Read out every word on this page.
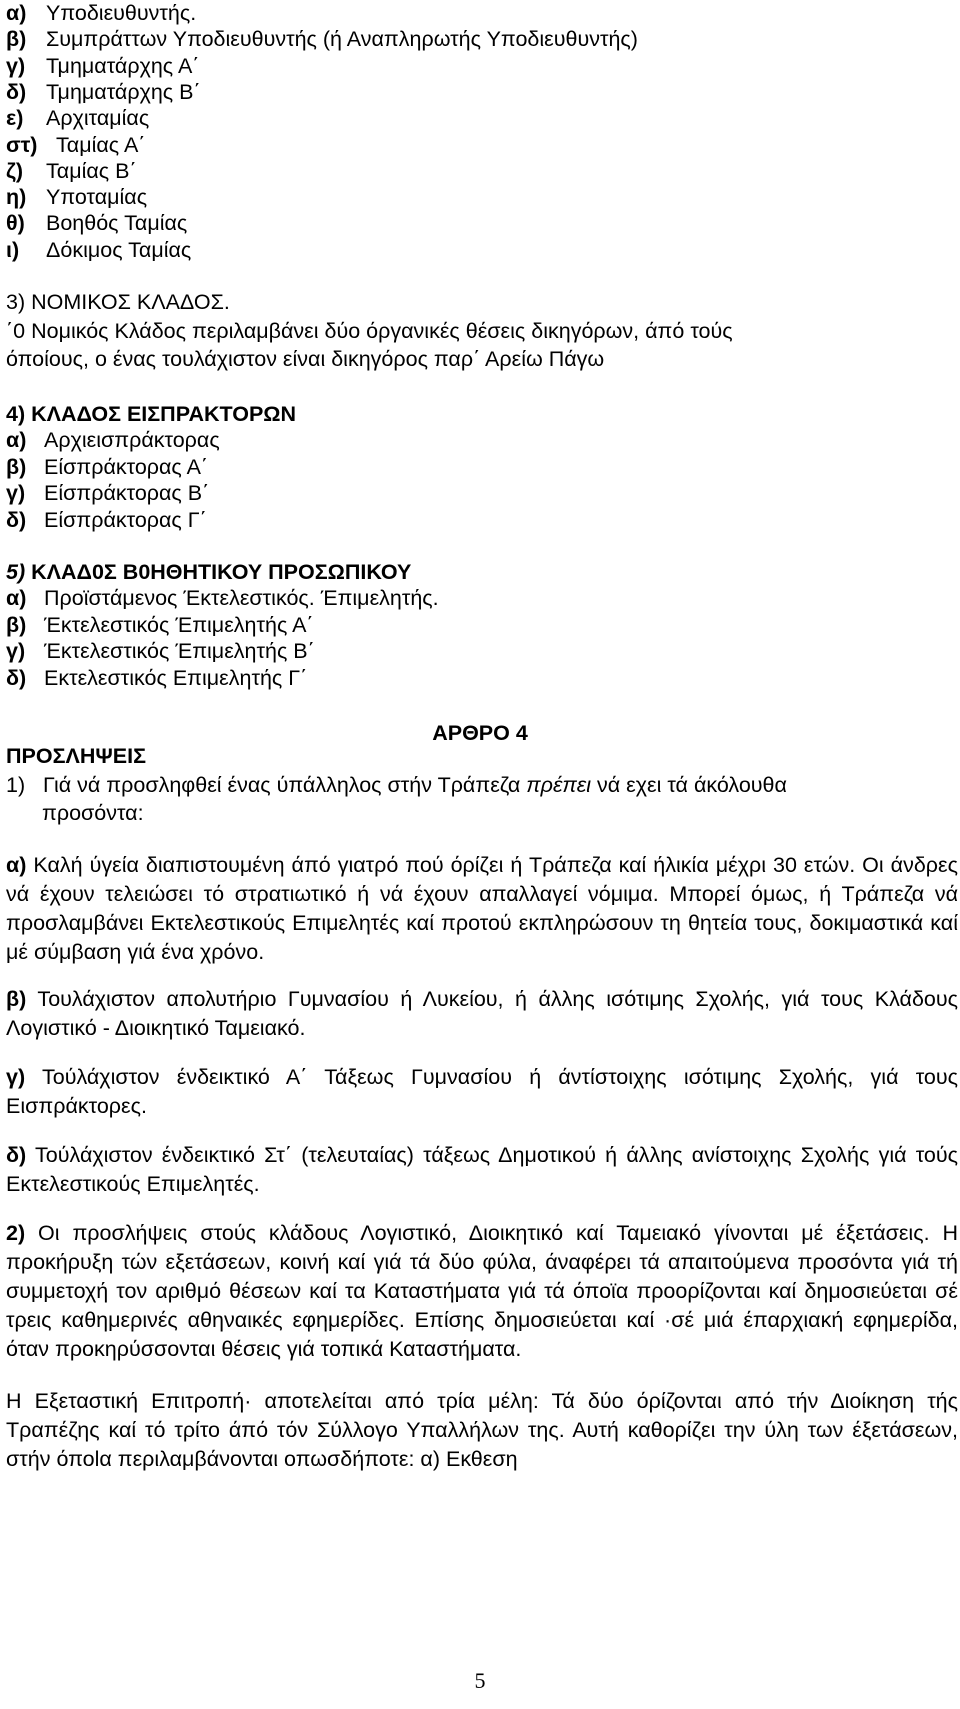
α) Υποδιευθυντής.
β) Συμπράττων Υποδιευθυντής (ή Αναπληρωτής Υποδιευθυντής)
γ) Τμηματάρχης Α΄
δ) Τμηματάρχης Β΄
ε) Αρχιταμίας
στ) Ταμίας Α΄
ζ) Ταμίας Β΄
η) Υποταμίας
θ) Βοηθός Ταμίας
ι) Δόκιμος Ταμίας
3) ΝΟΜΙΚΟΣ ΚΛΑΔΟΣ.
΄0 Νομικός Κλάδος περιλαμβάνει δύο όργανικές θέσεις δικηγόρων, άπό τούς
όποίους, ο ένας τουλάχιστον είναι δικηγόρος παρ΄ Αρείω Πάγω
4) ΚΛΑΔΟΣ ΕΙΣΠΡΑΚΤΟΡΩΝ
α) Αρχιεισπράκτορας
β) Είσπράκτορας Α΄
γ) Είσπράκτορας Β΄
δ) Είσπράκτορας Γ΄
5) ΚΛΑΔ0Σ Β0ΗΘΗΤΙΚΟΥ ΠΡΟΣΩΠΙΚΟΥ
α) Προϊστάμενος Έκτελεστικός. Έπιμελητής.
β) Έκτελεστικός Έπιμελητής Α΄
γ) Έκτελεστικός Έπιμελητής Β΄
δ) Εκτελεστικός Επιμελητής Γ΄
ΑΡΘΡΟ 4
ΠΡΟΣΛΗΨΕΙΣ
1) Γιά νά προσληφθεί ένας ύπάλληλος στήν Τράπεζα πρέπει νά εχει τά άκόλουθα
προσόντα:
α) Καλή ύγεία διαπιστουμένη άπό γιατρό πού όρίζει ή Τράπεζα καί ήλικία μέχρι 30 ετών. Οι άνδρες νά έχουν τελειώσει τό στρατιωτικό ή νά έχουν απαλλαγεί νόμιμα. Μπορεί όμως, ή Τράπεζα νά προσλαμβάνει Εκτελεστικούς Επιμελητές καί προτού εκπληρώσουν τη θητεία τους, δοκιμαστικά καί μέ σύμβαση γιά ένα χρόνο.
β) Τουλάχιστον απολυτήριο Γυμνασίου ή Λυκείου, ή άλλης ισότιμης Σχολής, γιά τους Κλάδους Λογιστικό - Διοικητικό Ταμειακό.
γ) Τούλάχιστον ένδεικτικό Α΄ Τάξεως Γυμνασίου ή άντίστοιχης ισότιμης Σχολής, γιά τους Εισπράκτορες.
δ) Τούλάχιστον ένδεικτικό Στ΄ (τελευταίας) τάξεως Δημοτικού ή άλλης ανίστοιχης Σχολής γιά τούς Εκτελεστικούς Επιμελητές.
2) Οι προσλήψεις στούς κλάδους Λογιστικό, Διοικητικό καί Ταμειακό γίνονται μέ έξετάσεις. Η προκήρυξη τών εξετάσεων, κοινή καί γιά τά δύο φύλα, άναφέρει τά απαιτούμενα προσόντα γιά τή συμμετοχή τον αριθμό θέσεων καί τα Καταστήματα γιά τά όποϊα προορίζονται καί δημοσιεύεται σέ τρεις καθημερινές αθηναικές εφημερίδες. Επίσης δημοσιεύεται καί ·σέ μιά έπαρχιακή εφημερίδα, όταν προκηρύσσονται θέσεις γιά τοπικά Καταστήματα.
Η Εξεταστική Επιτροπή· αποτελείται από τρία μέλη: Τά δύο όρίζονται από τήν Διοίκηση τής Τραπέζης καί τό τρίτο άπό τόν Σύλλογο Υπαλλήλων της. Αυτή καθορίζει την ύλη των έξετάσεων, στήν όποlα περιλαμβάνονται οπωσδήποτε: α) Εκθεση
5
